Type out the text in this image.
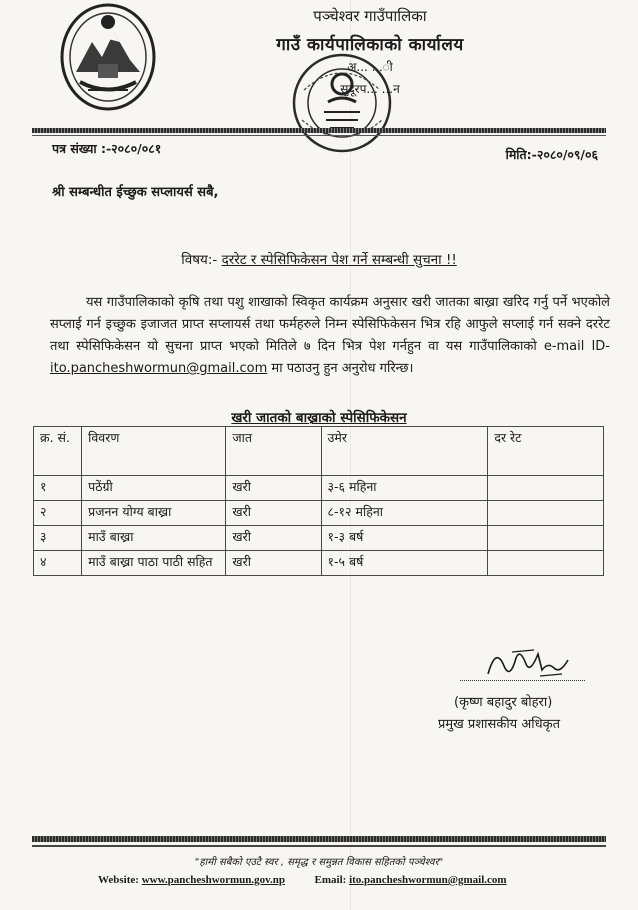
पञ्चेश्वर गाउँपालिका
गाउँ कार्यपालिकाको कार्यालय
अ... ...ी
सुदूरप... ...न
पत्र संख्या :-२०८०/०८१	मिति:-२०८०/०९/०६
श्री सम्बन्धीत ईच्छुक सप्लायर्स सबै,
विषय:- दररेट र स्पेसिफिकेसन पेश गर्ने सम्बन्धी सुचना !!
यस गाउँपालिकाको कृषि तथा पशु शाखाको स्विकृत कार्यक्रम अनुसार खरी जातका बाख्रा खरिद गर्नु पर्ने भएकोले सप्लाई गर्न इच्छुक इजाजत प्राप्त सप्लायर्स तथा फर्महरुले निम्न स्पेसिफिकेसन भित्र रहि आफुले सप्लाई गर्न सक्ने दररेट तथा स्पेसिफिकेसन यो सुचना प्राप्त भएको मितिले ७ दिन भित्र पेश गर्नहुन वा यस गाउँपालिकाको e-mail ID- ito.pancheshwormun@gmail.com मा पठाउनु हुन अनुरोध गरिन्छ।
खरी जातको बाख्राको स्पेसिफिकेसन
क्र. सं.	विवरण	जात	उमेर	दर रेट
१	पठेंग्री	खरी	३-६ महिना	
२	प्रजनन योग्य बाख्रा	खरी	८-१२ महिना	
३	माउँ बाख्रा	खरी	१-३ बर्ष	
४	माउँ बाख्रा पाठा पाठी सहित	खरी	१-५ बर्ष	
(कृष्ण बहादुर बोहरा)
प्रमुख प्रशासकीय अधिकृत
"हामी सबैको एउटै स्वर , समृद्ध र समुन्नत विकास सहितको पञ्चेश्वर"
Website: www.pancheshwormun.gov.np	Email: ito.pancheshwormun@gmail.com
